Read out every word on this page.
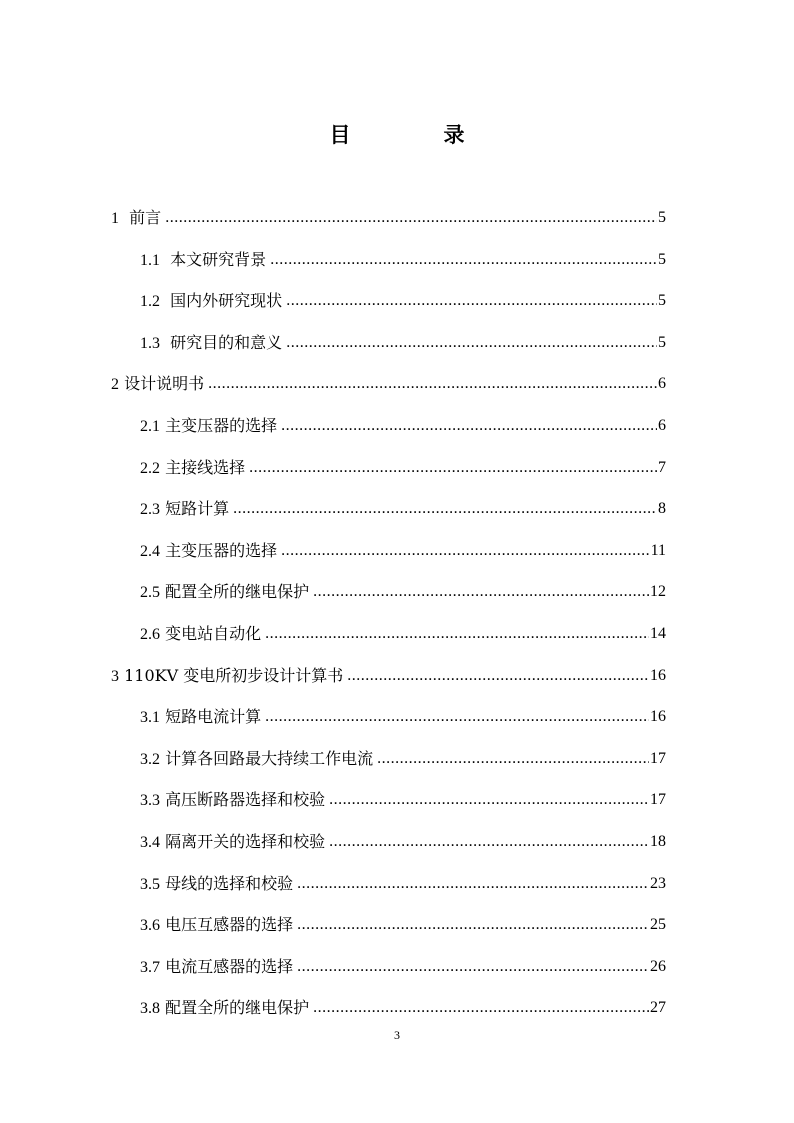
目　录
1 前言 .....	5
1.1 本文研究背景 .....	5
1.2 国内外研究现状 .....	5
1.3 研究目的和意义 .....	5
2 设计说明书 .....	6
2.1 主变压器的选择 .....	6
2.2 主接线选择 .....	7
2.3 短路计算 .....	8
2.4 主变压器的选择 .....	11
2.5 配置全所的继电保护 .....	12
2.6 变电站自动化 .....	14
3 110KV 变电所初步设计计算书 .....	16
3.1 短路电流计算 .....	16
3.2 计算各回路最大持续工作电流 .....	17
3.3 高压断路器选择和校验 .....	17
3.4 隔离开关的选择和校验 .....	18
3.5 母线的选择和校验 .....	23
3.6 电压互感器的选择 .....	25
3.7 电流互感器的选择 .....	26
3.8 配置全所的继电保护 .....	27
3
